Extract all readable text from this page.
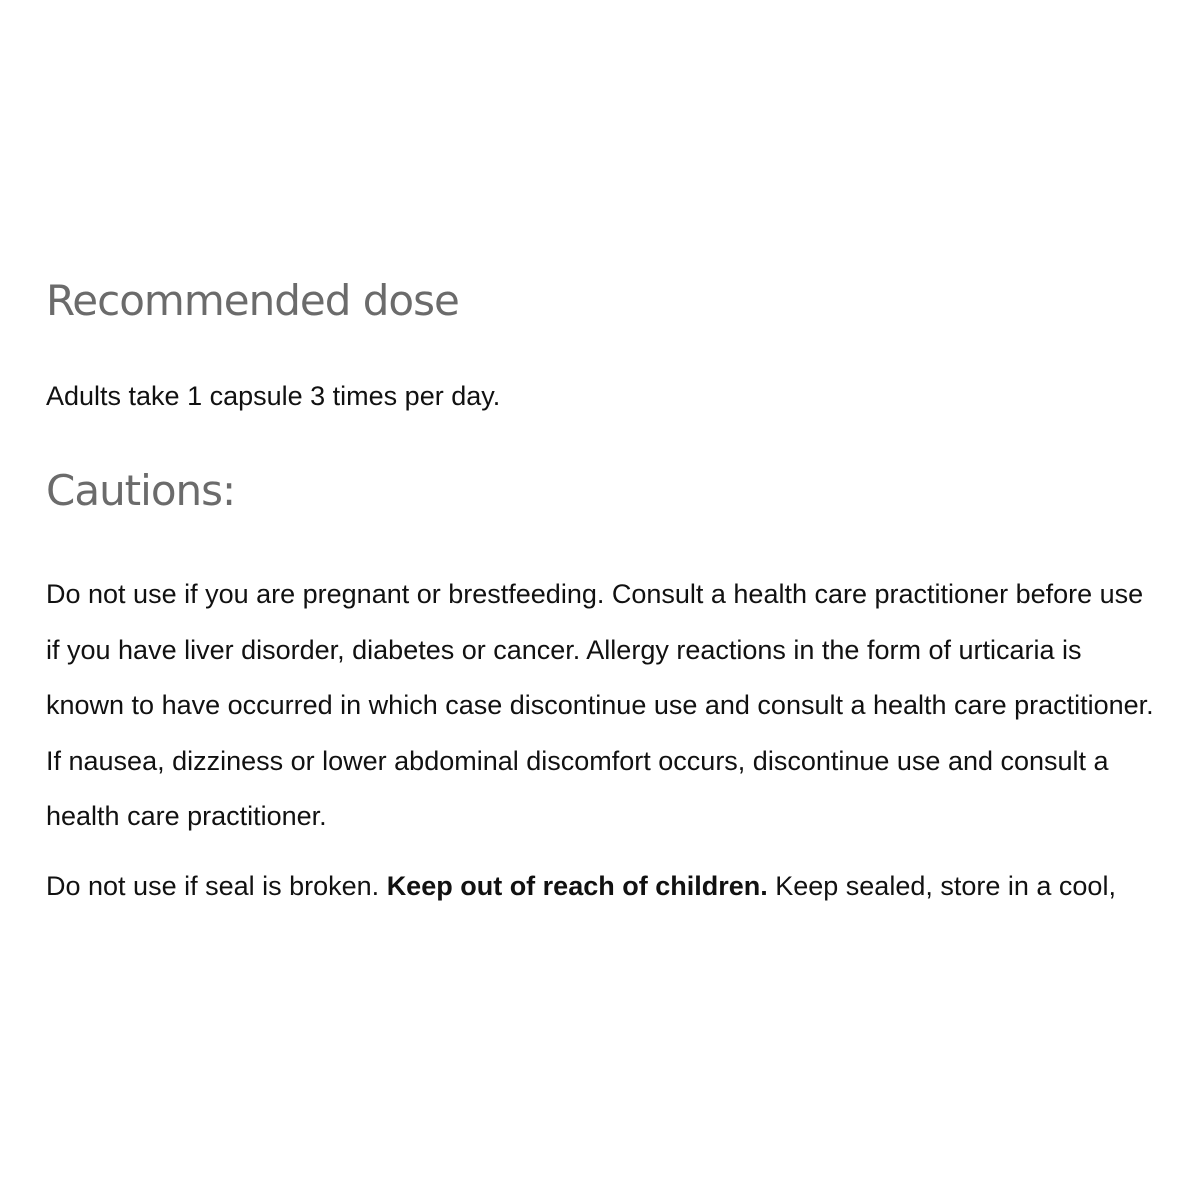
Recommended dose

Adults take 1 capsule 3 times per day.

Cautions:

Do not use if you are pregnant or brestfeeding. Consult a health care practitioner before use if you have liver disorder, diabetes or cancer. Allergy reactions in the form of urticaria is known to have occurred in which case discontinue use and consult a health care practitioner. If nausea, dizziness or lower abdominal discomfort occurs, discontinue use and consult a health care practitioner.

Do not use if seal is broken. Keep out of reach of children. Keep sealed, store in a cool,
